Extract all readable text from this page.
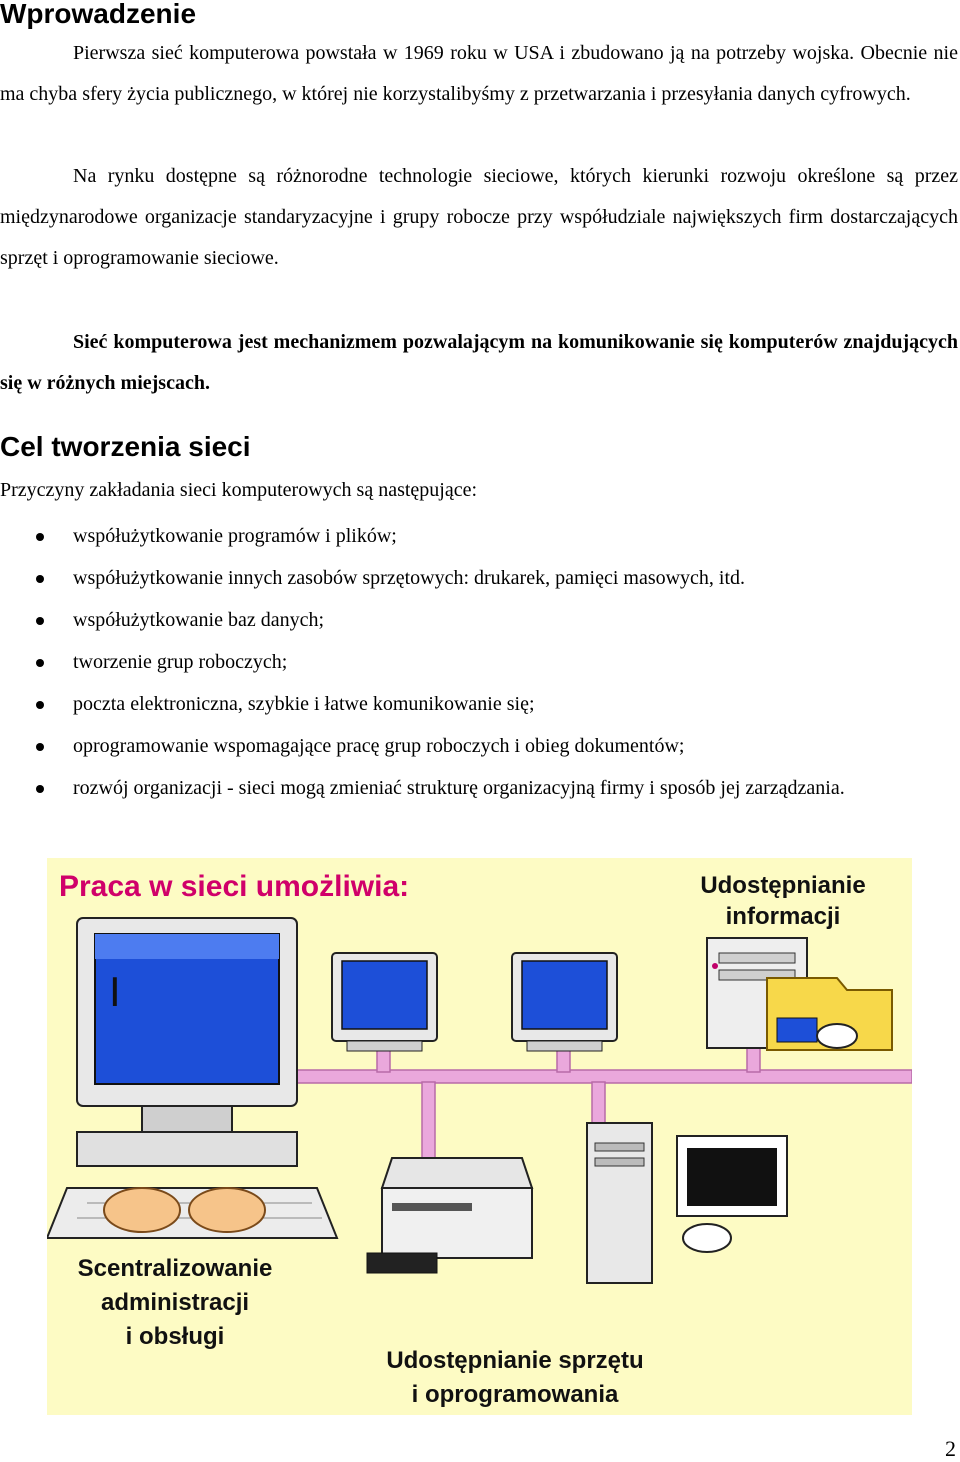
Wprowadzenie
Pierwsza sieć komputerowa powstała w 1969 roku w USA i zbudowano ją na potrzeby wojska. Obecnie nie ma chyba sfery życia publicznego, w której nie korzystalibyśmy z przetwarzania i przesyłania danych cyfrowych.
Na rynku dostępne są różnorodne technologie sieciowe, których kierunki rozwoju określone są przez międzynarodowe organizacje standaryzacyjne i grupy robocze przy współudziale największych firm dostarczających sprzęt i oprogramowanie sieciowe.
Sieć komputerowa jest mechanizmem pozwalającym na komunikowanie się komputerów znajdujących się w różnych miejscach.
Cel tworzenia sieci
Przyczyny zakładania sieci komputerowych są następujące:
współużytkowanie programów i plików;
współużytkowanie innych zasobów sprzętowych: drukarek, pamięci masowych, itd.
współużytkowanie baz danych;
tworzenie grup roboczych;
poczta elektroniczna, szybkie i łatwe komunikowanie się;
oprogramowanie wspomagające pracę grup roboczych i obieg dokumentów;
rozwój organizacji - sieci mogą zmieniać strukturę organizacyjną firmy i sposób jej zarządzania.
Praca w sieci umożliwia:	Udostępnianie
informacji
I
Scentralizowanie
administracji
i obsługi
Udostępnianie sprzętu
i oprogramowania
2
